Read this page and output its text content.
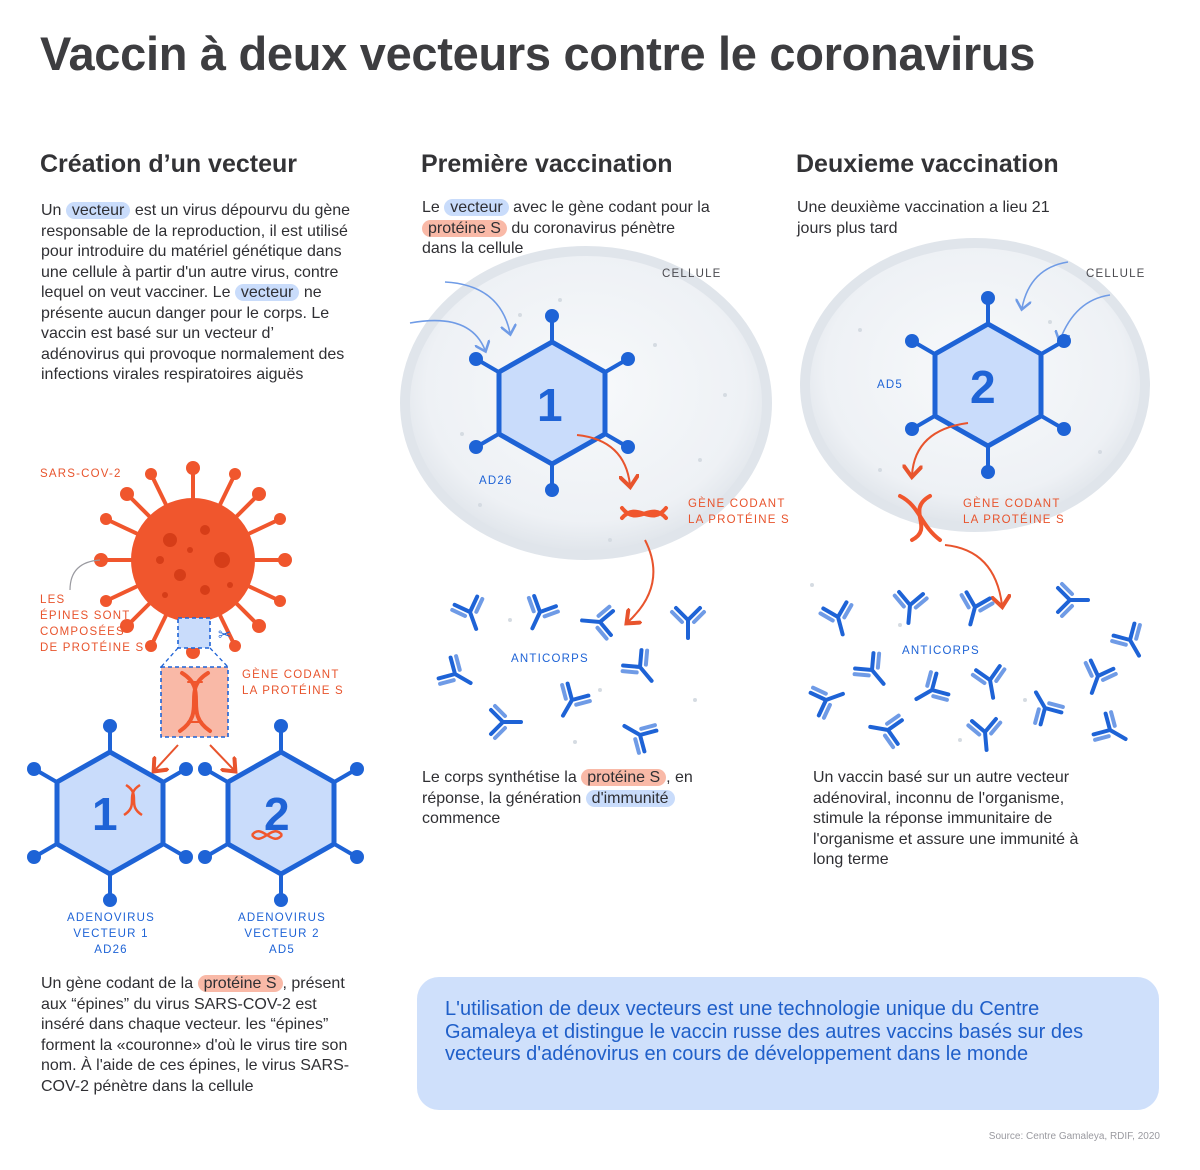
✂
Vaccin à deux vecteurs contre le coronavirus
Création d’un vecteur
Un vecteur est un virus dépourvu du gène responsable de la reproduction, il est utilisé pour introduire du matériel génétique dans une cellule à partir d'un autre virus, contre lequel on veut vacciner. Le vecteur ne présente aucun danger pour le corps. Le vaccin est basé sur un vecteur d’ adénovirus qui provoque normalement des infections virales respiratoires aiguës
SARS-COV-2
LES
ÉPINES SONT
COMPOSÉES
DE PROTÉINE S
GÈNE CODANT
LA PROTÉINE S
1	2
ADENOVIRUS
VECTEUR 1
AD26
ADENOVIRUS
VECTEUR 2
AD5
Un gène codant de la protéine S , présent aux “épines” du virus SARS-COV-2 est inséré dans chaque vecteur. les “épines” forment la «couronne» d'où le virus tire son nom. À l'aide de ces épines, le virus SARS-COV-2 pénètre dans la cellule
Première vaccination
Le vecteur avec le gène codant pour la protéine S du coronavirus pénètre dans la cellule
CELLULE
1
AD26
GÈNE CODANT
LA PROTÉINE S
ANTICORPS
Le corps synthétise la protéine S , en réponse, la génération d'immunité commence
Deuxieme vaccination
Une deuxième vaccination a lieu 21 jours plus tard
CELLULE
2
AD5
GÈNE CODANT
LA PROTÉINE S
ANTICORPS
Un vaccin basé sur un autre vecteur adénoviral, inconnu de l'organisme, stimule la réponse immunitaire de l'organisme et assure une immunité à long terme
L'utilisation de deux vecteurs est une technologie unique du Centre Gamaleya et distingue le vaccin russe des autres vaccins basés sur des vecteurs d'adénovirus en cours de développement dans le monde
Source: Centre Gamaleya, RDIF, 2020
